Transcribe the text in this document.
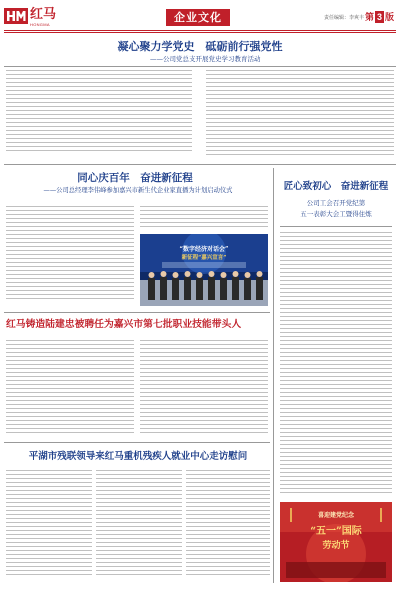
红马
HONGMA
企业文化	责任编辑：李爽丰 第 3 版
凝心聚力学党史　砥砺前行强党性
——公司党总支开展党史学习教育活动
同心庆百年　奋进新征程
——公司总经理李伟峰参加嘉兴市新生代企业家直播为计划启动仪式
“数字经济对话会”
新征程“嘉兴宣言”
匠心致初心　奋进新征程
公司工会召开党纪第
五一表彰大会工暨得住炼
喜迎建党纪念
“五一”国际
劳动节
红马铸造陆建忠被聘任为嘉兴市第七批职业技能带头人
平湖市残联领导来红马重机残疾人就业中心走访慰问
